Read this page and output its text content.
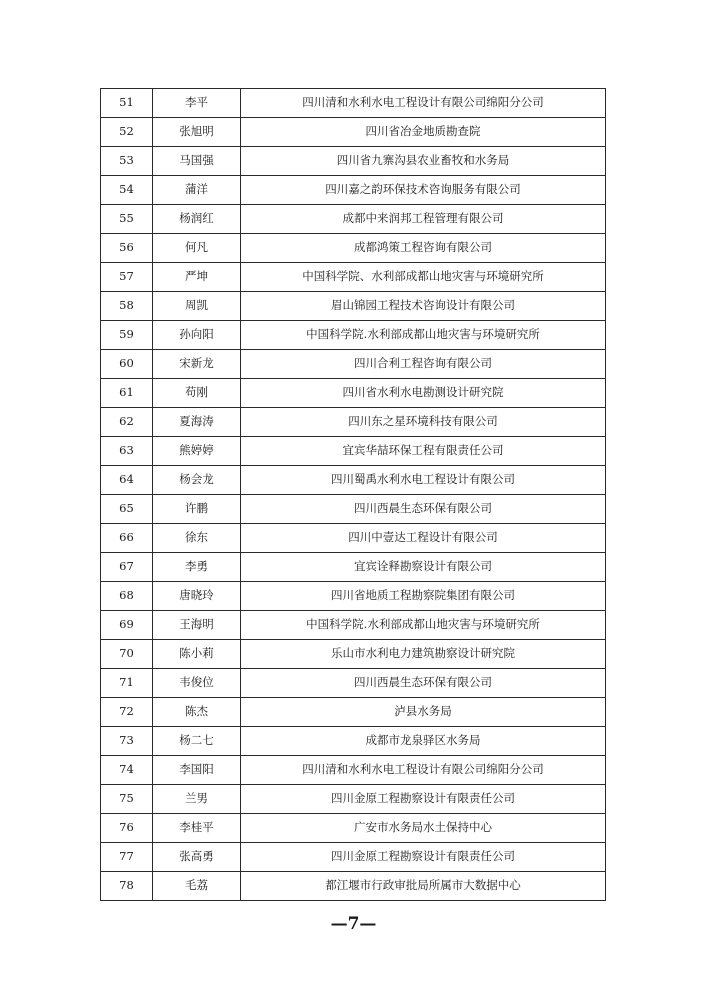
51	李平	四川清和水利水电工程设计有限公司绵阳分公司
52	张旭明	四川省冶金地质勘查院
53	马国强	四川省九寨沟县农业畜牧和水务局
54	蒲洋	四川嘉之韵环保技术咨询服务有限公司
55	杨润红	成都中来润邦工程管理有限公司
56	何凡	成都鸿策工程咨询有限公司
57	严坤	中国科学院、水利部成都山地灾害与环境研究所
58	周凯	眉山锦园工程技术咨询设计有限公司
59	孙向阳	中国科学院.水利部成都山地灾害与环境研究所
60	宋新龙	四川合利工程咨询有限公司
61	苟刚	四川省水利水电勘测设计研究院
62	夏海涛	四川东之星环境科技有限公司
63	熊婷婷	宜宾华喆环保工程有限责任公司
64	杨会龙	四川蜀禹水利水电工程设计有限公司
65	许鹏	四川西晨生态环保有限公司
66	徐东	四川中壹达工程设计有限公司
67	李勇	宜宾诠释勘察设计有限公司
68	唐晓玲	四川省地质工程勘察院集团有限公司
69	王海明	中国科学院.水利部成都山地灾害与环境研究所
70	陈小莉	乐山市水利电力建筑勘察设计研究院
71	韦俊位	四川西晨生态环保有限公司
72	陈杰	泸县水务局
73	杨二七	成都市龙泉驿区水务局
74	李国阳	四川清和水利水电工程设计有限公司绵阳分公司
75	兰男	四川金原工程勘察设计有限责任公司
76	李桂平	广安市水务局水土保持中心
77	张高勇	四川金原工程勘察设计有限责任公司
78	毛荔	都江堰市行政审批局所属市大数据中心
—7—
